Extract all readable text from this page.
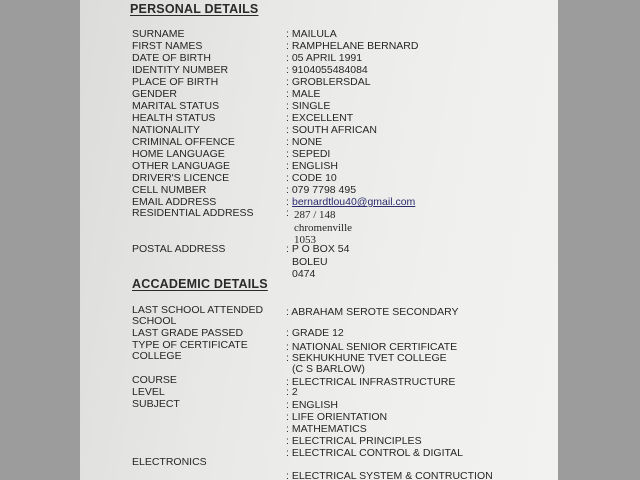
PERSONAL DETAILS
SURNAME	: MAILULA
FIRST NAMES	: RAMPHELANE BERNARD
DATE OF BIRTH	: 05 APRIL 1991
IDENTITY NUMBER	: 9104055484084
PLACE OF BIRTH	: GROBLERSDAL
GENDER	: MALE
MARITAL STATUS	: SINGLE
HEALTH STATUS	: EXCELLENT
NATIONALITY	: SOUTH AFRICAN
CRIMINAL OFFENCE	: NONE
HOME LANGUAGE	: SEPEDI
OTHER LANGUAGE	: ENGLISH
DRIVER'S LICENCE	: CODE 10
CELL NUMBER	: 079 7798 495
EMAIL ADDRESS	: bernardtlou40@gmail.com
RESIDENTIAL ADDRESS	: 287 / 148
chromenville
1053
POSTAL ADDRESS	: P O BOX 54
BOLEU
0474
ACCADEMIC DETAILS
LAST SCHOOL ATTENDED : ABRAHAM SEROTE SECONDARY
SCHOOL
LAST GRADE PASSED	: GRADE 12
TYPE OF CERTIFICATE	: NATIONAL SENIOR CERTIFICATE
COLLEGE	: SEKHUKHUNE TVET COLLEGE
(C S BARLOW)
COURSE	: ELECTRICAL INFRASTRUCTURE
LEVEL	: 2
SUBJECT	: ENGLISH
: LIFE ORIENTATION
: MATHEMATICS
: ELECTRICAL PRINCIPLES
: ELECTRICAL CONTROL & DIGITAL
ELECTRONICS
: ELECTRICAL SYSTEM & CONTRUCTION
